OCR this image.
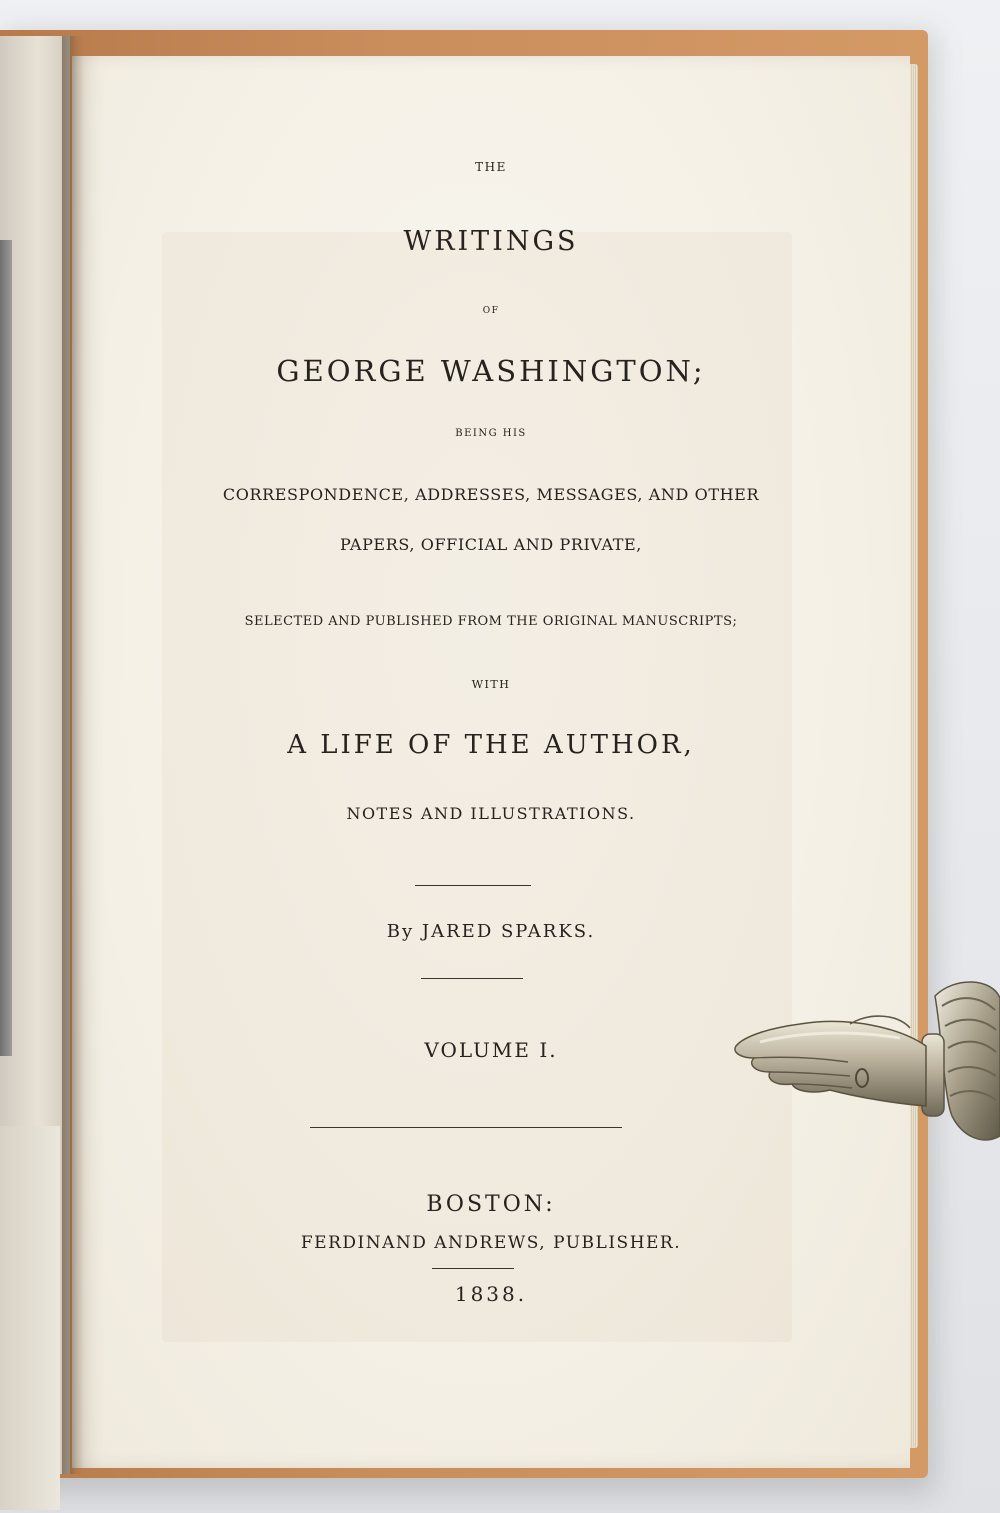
THE

WRITINGS

OF

GEORGE WASHINGTON;

BEING HIS

CORRESPONDENCE, ADDRESSES, MESSAGES, AND OTHER

PAPERS, OFFICIAL AND PRIVATE,

SELECTED AND PUBLISHED FROM THE ORIGINAL MANUSCRIPTS;

WITH

A LIFE OF THE AUTHOR,

NOTES AND ILLUSTRATIONS.

By JARED SPARKS.

VOLUME I.

BOSTON:

FERDINAND ANDREWS, PUBLISHER.

1838.
